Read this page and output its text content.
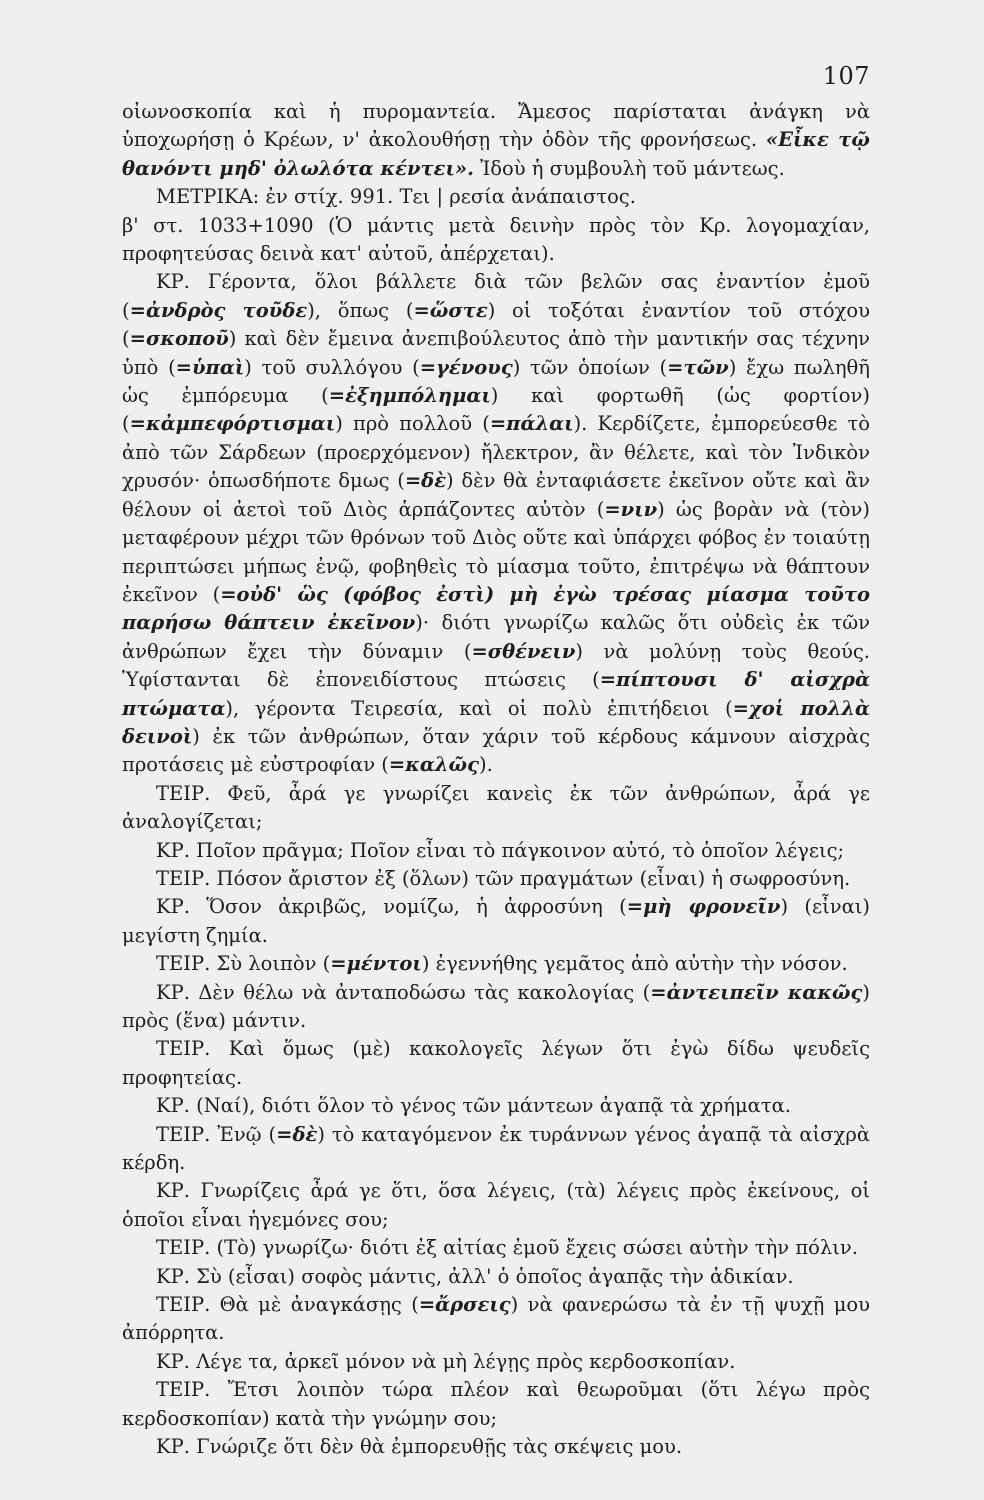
107

οἰωνοσκοπία καὶ ἡ πυρομαντεία. Ἄμεσος παρίσταται ἀνάγκη νὰ ὑποχωρήσῃ ὁ Κρέων, ν' ἀκολουθήσῃ τὴν ὁδὸν τῆς φρονήσεως. «Εἶκε τῷ θανόντι μηδ' ὀλωλότα κέντει». Ἰδοὺ ἡ συμβουλὴ τοῦ μάντεως.

ΜΕΤΡΙΚΑ: ἐν στίχ. 991. Τει | ρεσία ἀνάπαιστος.

β' στ. 1033+1090 (Ὁ μάντις μετὰ δεινὴν πρὸς τὸν Κρ. λογομαχίαν, προφητεύσας δεινὰ κατ' αὐτοῦ, ἀπέρχεται).

ΚΡ. Γέροντα, ὅλοι βάλλετε διὰ τῶν βελῶν σας ἐναντίον ἐμοῦ (=ἀνδρὸς τοῦδε), ὅπως (=ὥστε) οἱ τοξόται ἐναντίον τοῦ στόχου (=σκοποῦ) καὶ δὲν ἔμεινα ἀνεπιβούλευτος ἀπὸ τὴν μαντικήν σας τέχνην ὑπὸ (=ὑπαὶ) τοῦ συλλόγου (=γένους) τῶν ὁποίων (=τῶν) ἔχω πωληθῆ ὡς ἐμπόρευμα (=ἐξημπόλημαι) καὶ φορτωθῆ (ὡς φορτίον) (=κἀμπεφόρτισμαι) πρὸ πολλοῦ (=πάλαι). Κερδίζετε, ἐμπορεύεσθε τὸ ἀπὸ τῶν Σάρδεων (προερχόμενον) ἤλεκτρον, ἂν θέλετε, καὶ τὸν Ἰνδικὸν χρυσόν· ὁπωσδήποτε δμως (=δὲ) δὲν θὰ ἐνταφιάσετε ἐκεῖνον οὔτε καὶ ἂν θέλουν οἱ ἀετοὶ τοῦ Διὸς ἁρπάζοντες αὐτὸν (=νιν) ὡς βορὰν νὰ (τὸν) μεταφέρουν μέχρι τῶν θρόνων τοῦ Διὸς οὔτε καὶ ὑπάρχει φόβος ἐν τοιαύτῃ περιπτώσει μήπως ἐνῷ, φοβηθεὶς τὸ μίασμα τοῦτο, ἐπιτρέψω νὰ θάπτουν ἐκεῖνον (=οὐδ' ὣς (φόβος ἐστὶ) μὴ ἐγὼ τρέσας μίασμα τοῦτο παρήσω θάπτειν ἐκεῖνον)· διότι γνωρίζω καλῶς ὅτι οὐδεὶς ἐκ τῶν ἀνθρώπων ἔχει τὴν δύναμιν (=σθένειν) νὰ μολύνῃ τοὺς θεούς. Ὑφίστανται δὲ ἐπονειδίστους πτώσεις (=πίπτουσι δ' αἰσχρὰ πτώματα), γέροντα Τειρεσία, καὶ οἱ πολὺ ἐπιτήδειοι (=χοἱ πολλὰ δεινοὶ) ἐκ τῶν ἀνθρώπων, ὅταν χάριν τοῦ κέρδους κάμνουν αἰσχρὰς προτάσεις μὲ εὐστροφίαν (=καλῶς).

ΤΕΙΡ. Φεῦ, ἆρά γε γνωρίζει κανεὶς ἐκ τῶν ἀνθρώπων, ἆρά γε ἀναλογίζεται;

ΚΡ. Ποῖον πρᾶγμα; Ποῖον εἶναι τὸ πάγκοινον αὐτό, τὸ ὁποῖον λέγεις;

ΤΕΙΡ. Πόσον ἄριστον ἐξ (ὅλων) τῶν πραγμάτων (εἶναι) ἡ σωφροσύνη.

ΚΡ. Ὅσον ἀκριβῶς, νομίζω, ἡ ἀφροσύνη (=μὴ φρονεῖν) (εἶναι) μεγίστη ζημία.

ΤΕΙΡ. Σὺ λοιπὸν (=μέντοι) ἐγεννήθης γεμᾶτος ἀπὸ αὐτὴν τὴν νόσον.

ΚΡ. Δὲν θέλω νὰ ἀνταποδώσω τὰς κακολογίας (=ἀντειπεῖν κακῶς) πρὸς (ἕνα) μάντιν.

ΤΕΙΡ. Καὶ ὅμως (μὲ) κακολογεῖς λέγων ὅτι ἐγὼ δίδω ψευδεῖς προφητείας.

ΚΡ. (Ναί), διότι ὅλον τὸ γένος τῶν μάντεων ἀγαπᾷ τὰ χρήματα.

ΤΕΙΡ. Ἐνῷ (=δὲ) τὸ καταγόμενον ἐκ τυράννων γένος ἀγαπᾷ τὰ αἰσχρὰ κέρδη.

ΚΡ. Γνωρίζεις ἆρά γε ὅτι, ὅσα λέγεις, (τὰ) λέγεις πρὸς ἐκείνους, οἱ ὁποῖοι εἶναι ἡγεμόνες σου;

ΤΕΙΡ. (Τὸ) γνωρίζω· διότι ἐξ αἰτίας ἐμοῦ ἔχεις σώσει αὐτὴν τὴν πόλιν.

ΚΡ. Σὺ (εἶσαι) σοφὸς μάντις, ἀλλ' ὁ ὁποῖος ἀγαπᾷς τὴν ἀδικίαν.

ΤΕΙΡ. Θὰ μὲ ἀναγκάσῃς (=ἄρσεις) νὰ φανερώσω τὰ ἐν τῇ ψυχῇ μου ἀπόρρητα.

ΚΡ. Λέγε τα, ἀρκεῖ μόνον νὰ μὴ λέγῃς πρὸς κερδοσκοπίαν.

ΤΕΙΡ. Ἔτσι λοιπὸν τώρα πλέον καὶ θεωροῦμαι (ὅτι λέγω πρὸς κερδοσκοπίαν) κατὰ τὴν γνώμην σου;

ΚΡ. Γνώριζε ὅτι δὲν θὰ ἐμπορευθῇς τὰς σκέψεις μου.
